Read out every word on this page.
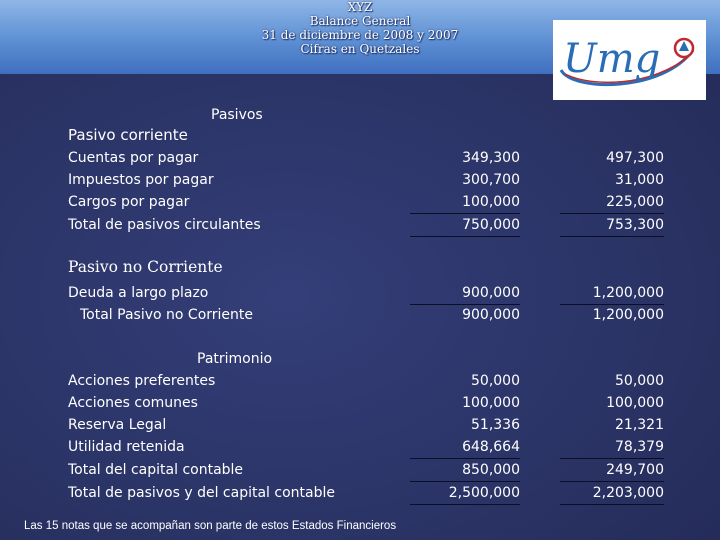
XYZ
Balance General
31 de diciembre de 2008 y 2007
Cifras en Quetzales	Umg
Pasivos
Pasivo corriente
Cuentas por pagar
Impuestos por pagar
Cargos por pagar
Total de pasivos circulantes
349,300
300,700
100,000
750,000
497,300
31,000
225,000
753,300
Pasivo no Corriente
Deuda a largo plazo
Total Pasivo no Corriente
900,000
900,000
1,200,000
1,200,000
Patrimonio
Acciones preferentes
Acciones comunes
Reserva Legal
Utilidad retenida
Total del capital contable
Total de pasivos y del capital contable
50,000
100,000
51,336
648,664
850,000
2,500,000
50,000
100,000
21,321
78,379
249,700
2,203,000
Las 15 notas que se acompañan son parte de estos Estados Financieros
